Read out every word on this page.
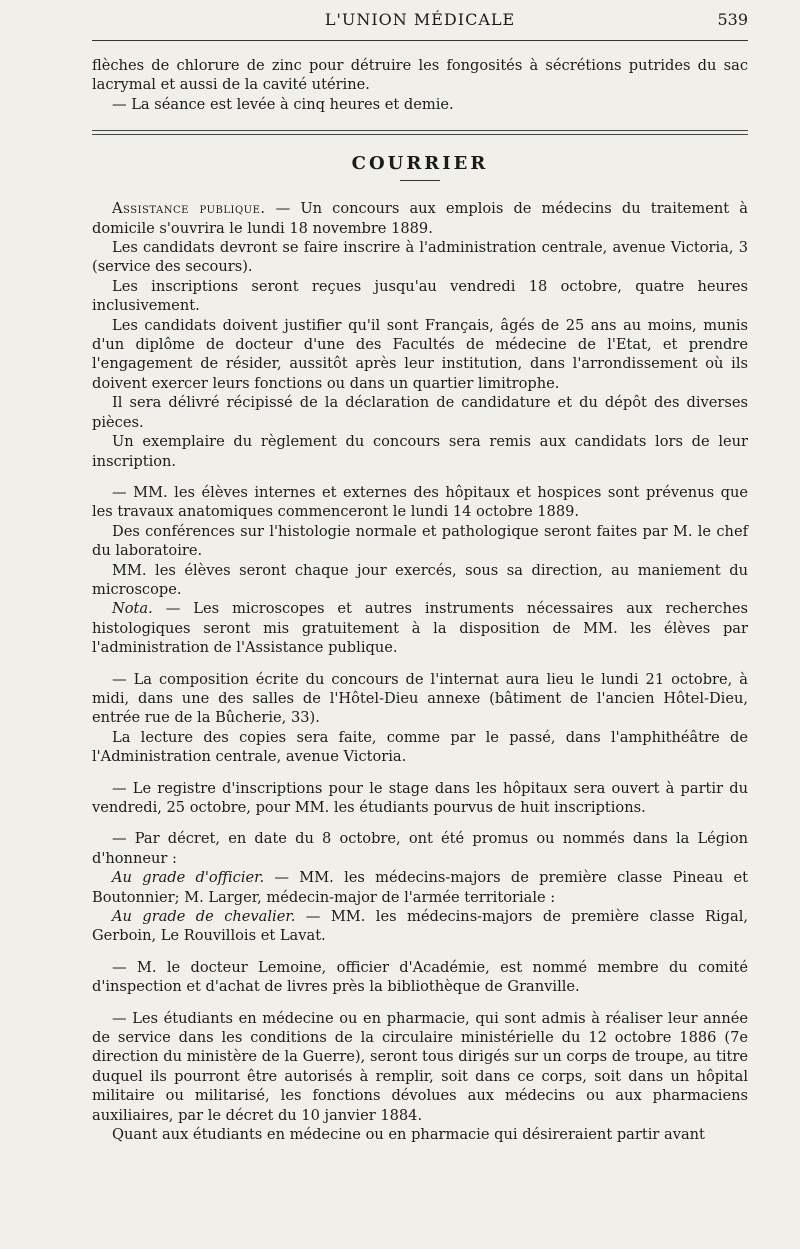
L'UNION MÉDICALE	539

flèches de chlorure de zinc pour détruire les fongosités à sécrétions putrides du sac lacrymal et aussi de la cavité utérine.

— La séance est levée à cinq heures et demie.

COURRIER

Assistance publique. — Un concours aux emplois de médecins du traitement à domicile s'ouvrira le lundi 18 novembre 1889.

Les candidats devront se faire inscrire à l'administration centrale, avenue Victoria, 3 (service des secours).

Les inscriptions seront reçues jusqu'au vendredi 18 octobre, quatre heures inclusivement.

Les candidats doivent justifier qu'il sont Français, âgés de 25 ans au moins, munis d'un diplôme de docteur d'une des Facultés de médecine de l'Etat, et prendre l'engagement de résider, aussitôt après leur institution, dans l'arrondissement où ils doivent exercer leurs fonctions ou dans un quartier limitrophe.

Il sera délivré récipissé de la déclaration de candidature et du dépôt des diverses pièces.

Un exemplaire du règlement du concours sera remis aux candidats lors de leur inscription.

— MM. les élèves internes et externes des hôpitaux et hospices sont prévenus que les travaux anatomiques commenceront le lundi 14 octobre 1889.

Des conférences sur l'histologie normale et pathologique seront faites par M. le chef du laboratoire.

MM. les élèves seront chaque jour exercés, sous sa direction, au maniement du microscope.

Nota. — Les microscopes et autres instruments nécessaires aux recherches histologiques seront mis gratuitement à la disposition de MM. les élèves par l'administration de l'Assistance publique.

— La composition écrite du concours de l'internat aura lieu le lundi 21 octobre, à midi, dans une des salles de l'Hôtel-Dieu annexe (bâtiment de l'ancien Hôtel-Dieu, entrée rue de la Bûcherie, 33).

La lecture des copies sera faite, comme par le passé, dans l'amphithéâtre de l'Administration centrale, avenue Victoria.

— Le registre d'inscriptions pour le stage dans les hôpitaux sera ouvert à partir du vendredi, 25 octobre, pour MM. les étudiants pourvus de huit inscriptions.

— Par décret, en date du 8 octobre, ont été promus ou nommés dans la Légion d'honneur :

Au grade d'officier. — MM. les médecins-majors de première classe Pineau et Boutonnier; M. Larger, médecin-major de l'armée territoriale :

Au grade de chevalier. — MM. les médecins-majors de première classe Rigal, Gerboin, Le Rouvillois et Lavat.

— M. le docteur Lemoine, officier d'Académie, est nommé membre du comité d'inspection et d'achat de livres près la bibliothèque de Granville.

— Les étudiants en médecine ou en pharmacie, qui sont admis à réaliser leur année de service dans les conditions de la circulaire ministérielle du 12 octobre 1886 (7e direction du ministère de la Guerre), seront tous dirigés sur un corps de troupe, au titre duquel ils pourront être autorisés à remplir, soit dans ce corps, soit dans un hôpital militaire ou militarisé, les fonctions dévolues aux médecins ou aux pharmaciens auxiliaires, par le décret du 10 janvier 1884.

Quant aux étudiants en médecine ou en pharmacie qui désireraient partir avant
